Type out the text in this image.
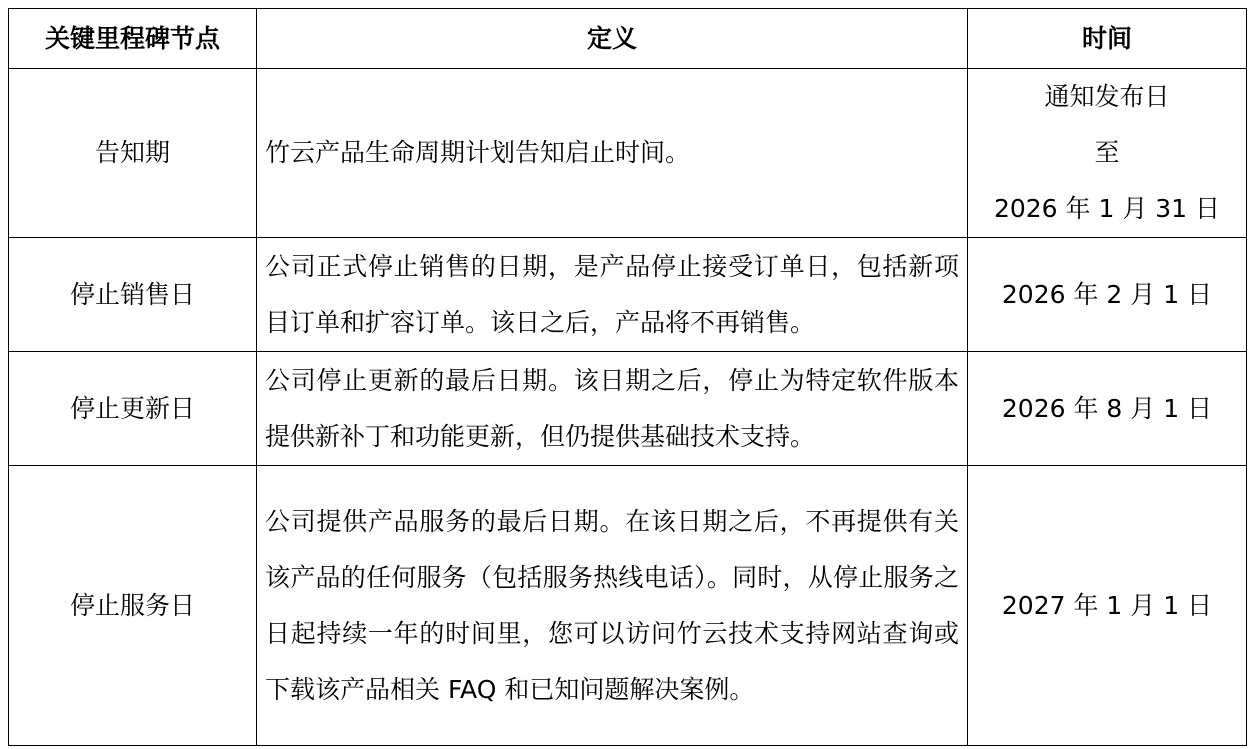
关键里程碑节点	定义	时间
告知期	竹云产品生命周期计划告知启止时间。	通知发布日
至
2026 年 1 月 31 日

停止销售日	公司正式停止销售的日期，是产品停止接受订单日，包括新项目订单和扩容订单。该日之后，产品将不再销售。	2026 年 2 月 1 日
停止更新日	公司停止更新的最后日期。该日期之后，停止为特定软件版本提供新补丁和功能更新，但仍提供基础技术支持。	2026 年 8 月 1 日
停止服务日	公司提供产品服务的最后日期。在该日期之后，不再提供有关该产品的任何服务（包括服务热线电话）。同时，从停止服务之日起持续一年的时间里，您可以访问竹云技术支持网站查询或下载该产品相关 FAQ 和已知问题解决案例。	2027 年 1 月 1 日
